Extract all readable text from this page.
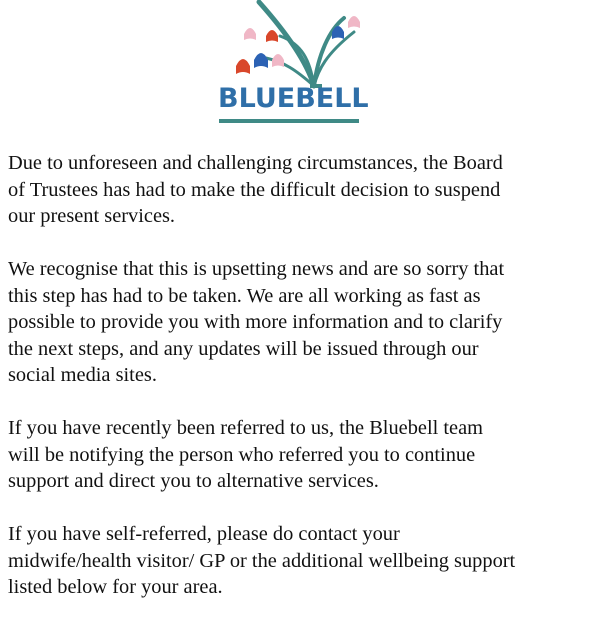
BLUEBELL

Due to unforeseen and challenging circumstances, the Board
of Trustees has had to make the difficult decision to suspend
our present services.

We recognise that this is upsetting news and are so sorry that
this step has had to be taken. We are all working as fast as
possible to provide you with more information and to clarify
the next steps, and any updates will be issued through our
social media sites.

If you have recently been referred to us, the Bluebell team
will be notifying the person who referred you to continue
support and direct you to alternative services.

If you have self-referred, please do contact your
midwife/health visitor/ GP or the additional wellbeing support
listed below for your area.
